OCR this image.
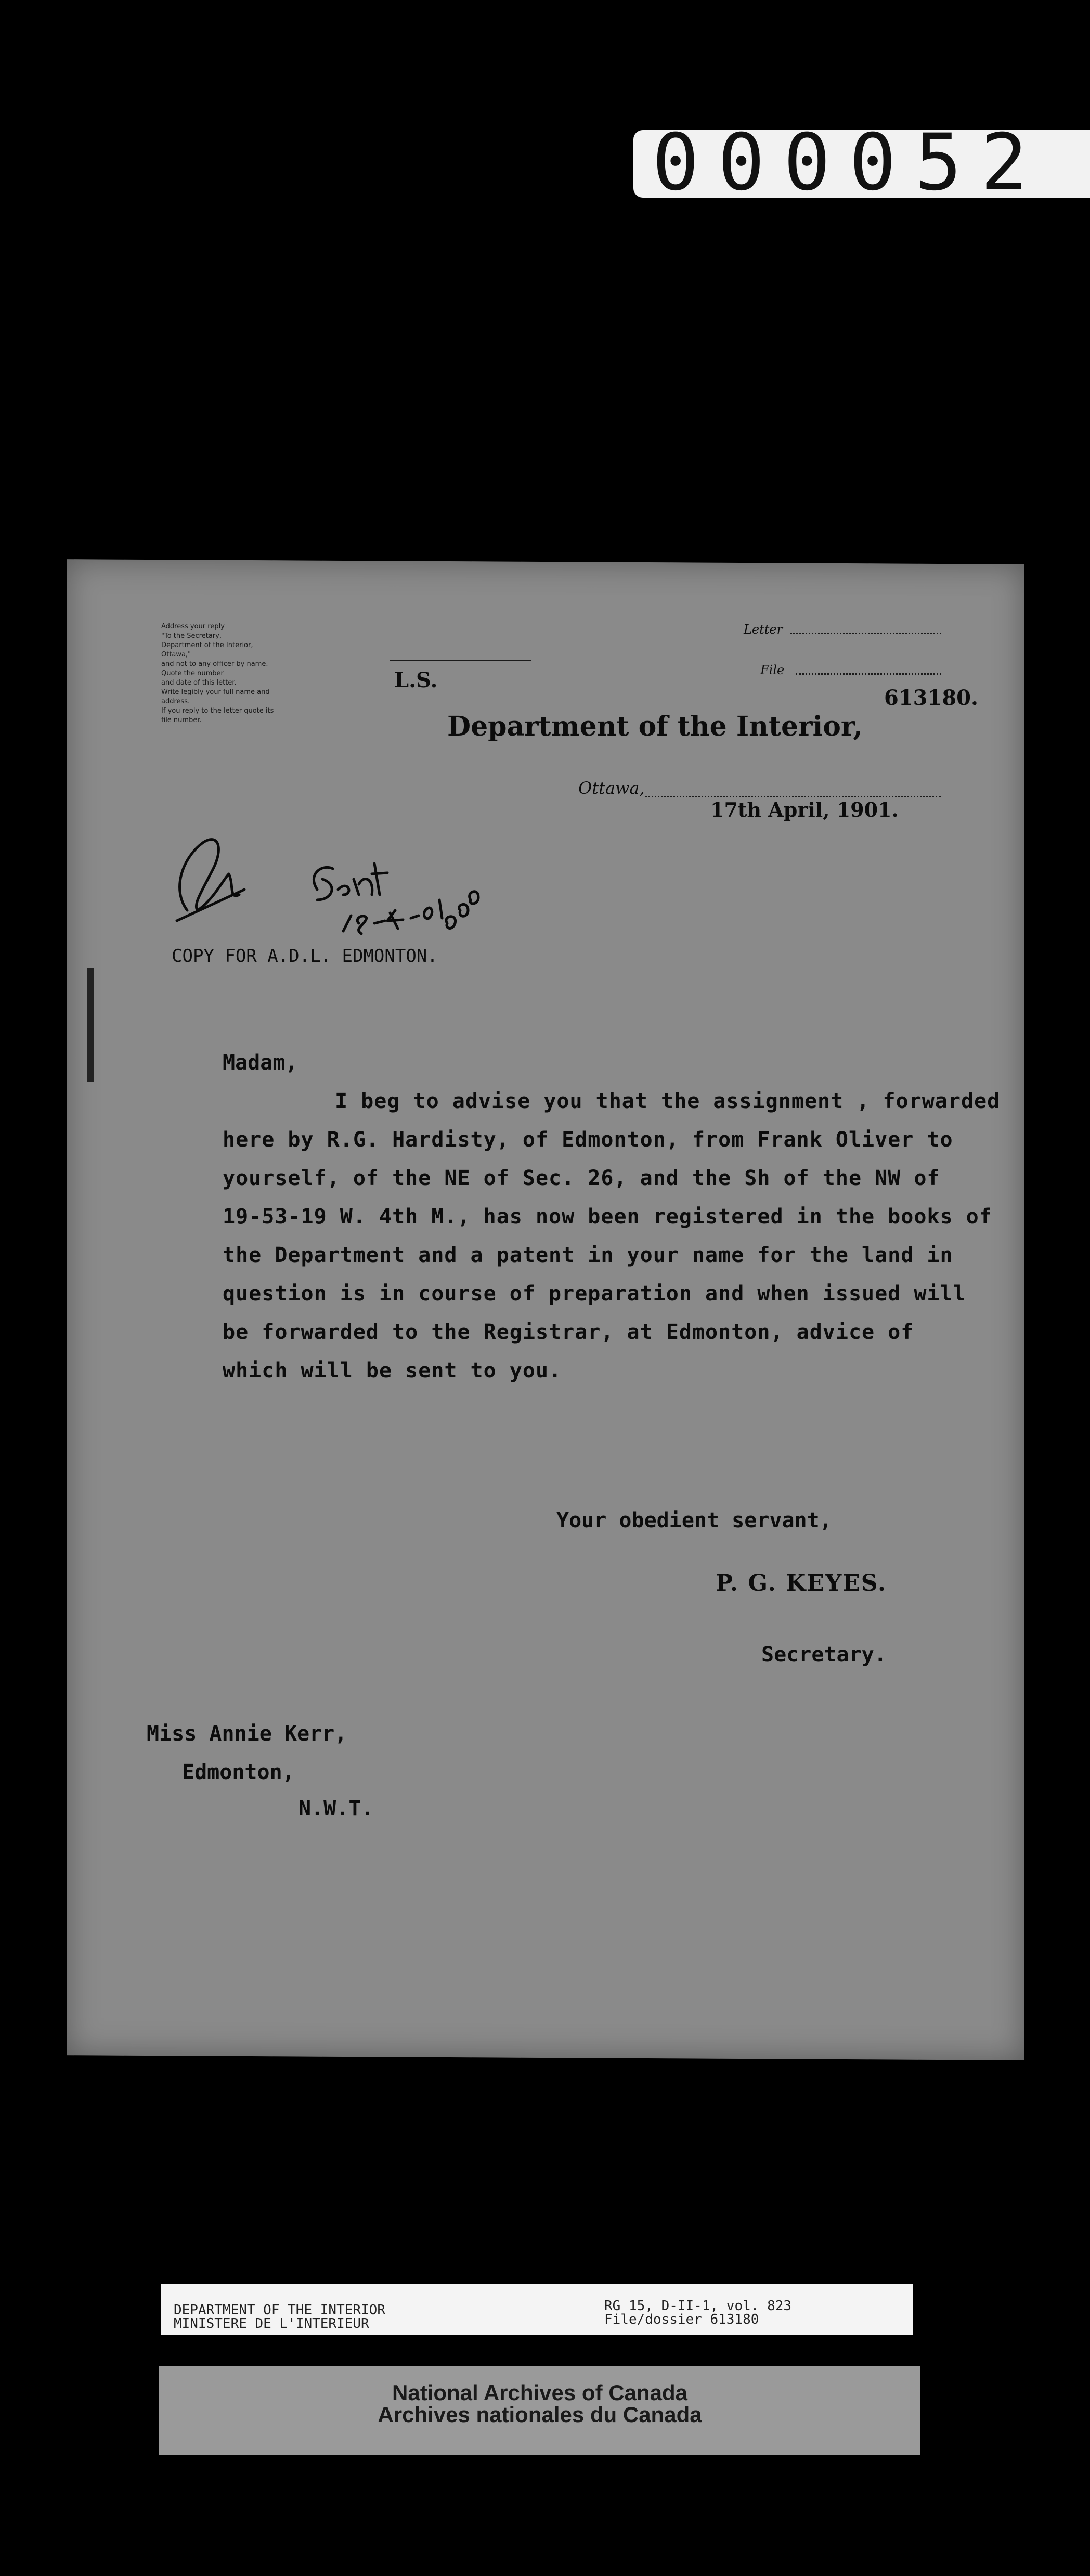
000052

Address your reply

"To the Secretary,

Department of the Interior,

Ottawa,"

and not to any officer by name.

Quote the number

and date of this letter.

Write legibly your full name and

address.

If you reply to the letter quote its

file number.

Letter
File
613180.
L.S.
Department of the Interior,
Ottawa,
17th April, 1901.
COPY FOR A.D.L. EDMONTON.
Madam,
I beg to advise you that the assignment , forwarded
here by R.G. Hardisty, of Edmonton, from Frank Oliver to
yourself, of the NE of Sec. 26, and the Sh of the NW of
19-53-19 W. 4th M., has now been registered in the books of
the Department and a patent in your name for the land in
question is in course of preparation and when issued will
be forwarded to the Registrar, at Edmonton, advice of
which will be sent to you.
Your obedient servant,
P. G. KEYES.
Secretary.
Miss Annie Kerr,
Edmonton,
N.W.T.
DEPARTMENT OF THE INTERIOR
MINISTERE DE L'INTERIEUR
RG 15, D-II-1, vol. 823
File/dossier 613180
National Archives of Canada
Archives nationales du Canada
